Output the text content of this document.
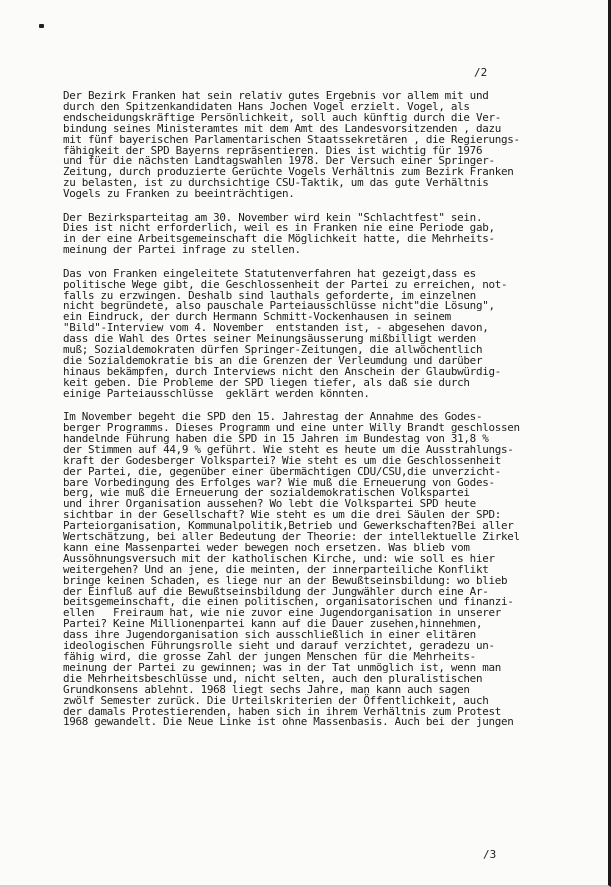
/2
Der Bezirk Franken hat sein relativ gutes Ergebnis vor allem mit und
durch den Spitzenkandidaten Hans Jochen Vogel erzielt. Vogel, als
endscheidungskräftige Persönlichkeit, soll auch künftig durch die Ver-
bindung seines Ministeramtes mit dem Amt des Landesvorsitzenden , dazu
mit fünf bayerischen Parlamentarischen Staatssekretären , die Regierungs-
fähigkeit der SPD Bayerns repräsentieren. Dies ist wichtig für 1976
und für die nächsten Landtagswahlen 1978. Der Versuch einer Springer-
Zeitung, durch produzierte Gerüchte Vogels Verhältnis zum Bezirk Franken
zu belasten, ist zu durchsichtige CSU-Taktik, um das gute Verhältnis
Vogels zu Franken zu beeinträchtigen.
Der Bezirksparteitag am 30. November wird kein "Schlachtfest" sein.
Dies ist nicht erforderlich, weil es in Franken nie eine Periode gab,
in der eine Arbeitsgemeinschaft die Möglichkeit hatte, die Mehrheits-
meinung der Partei infrage zu stellen.
Das von Franken eingeleitete Statutenverfahren hat gezeigt,dass es
politische Wege gibt, die Geschlossenheit der Partei zu erreichen, not-
falls zu erzwingen. Deshalb sind lauthals geforderte, im einzelnen
nicht begründete, also pauschale Parteiausschlüsse nicht"die Lösung",
ein Eindruck, der durch Hermann Schmitt-Vockenhausen in seinem
"Bild"-Interview vom 4. November  entstanden ist, - abgesehen davon,
dass die Wahl des Ortes seiner Meinungsäusserung mißbilligt werden
muß; Sozialdemokraten dürfen Springer-Zeitungen, die allwöchentlich
die Sozialdemokratie bis an die Grenzen der Verleumdung und darüber
hinaus bekämpfen, durch Interviews nicht den Anschein der Glaubwürdig-
keit geben. Die Probleme der SPD liegen tiefer, als daß sie durch
einige Parteiausschlüsse  geklärt werden könnten.
Im November begeht die SPD den 15. Jahrestag der Annahme des Godes-
berger Programms. Dieses Programm und eine unter Willy Brandt geschlossen
handelnde Führung haben die SPD in 15 Jahren im Bundestag von 31,8 %
der Stimmen auf 44,9 % geführt. Wie steht es heute um die Ausstrahlungs-
kraft der Godesberger Volkspartei? Wie steht es um die Geschlossenheit
der Partei, die, gegenüber einer übermächtigen CDU/CSU,die unverzicht-
bare Vorbedingung des Erfolges war? Wie muß die Erneuerung von Godes-
berg, wie muß die Erneuerung der sozialdemokratischen Volkspartei
und ihrer Organisation aussehen? Wo lebt die Volkspartei SPD heute
sichtbar in der Gesellschaft? Wie steht es um die drei Säulen der SPD:
Parteiorganisation, Kommunalpolitik,Betrieb und Gewerkschaften?Bei aller
Wertschätzung, bei aller Bedeutung der Theorie: der intellektuelle Zirkel
kann eine Massenpartei weder bewegen noch ersetzen. Was blieb vom
Aussöhnungsversuch mit der katholischen Kirche, und: wie soll es hier
weitergehen? Und an jene, die meinten, der innerparteiliche Konflikt
bringe keinen Schaden, es liege nur an der Bewußtseinsbildung: wo blieb
der Einfluß auf die Bewußtseinsbildung der Jungwähler durch eine Ar-
beitsgemeinschaft, die einen politischen, organisatorischen und finanzi-
ellen   Freiraum hat, wie nie zuvor eine Jugendorganisation in unserer
Partei? Keine Millionenpartei kann auf die Dauer zusehen,hinnehmen,
dass ihre Jugendorganisation sich ausschließlich in einer elitären
ideologischen Führungsrolle sieht und darauf verzichtet, geradezu un-
fähig wird, die grosse Zahl der jungen Menschen für die Mehrheits-
meinung der Partei zu gewinnen; was in der Tat unmöglich ist, wenn man
die Mehrheitsbeschlüsse und, nicht selten, auch den pluralistischen
Grundkonsens ablehnt. 1968 liegt sechs Jahre, man kann auch sagen
zwölf Semester zurück. Die Urteilskriterien der Öffentlichkeit, auch
der damals Protestierenden, haben sich in ihrem Verhältnis zum Protest
1968 gewandelt. Die Neue Linke ist ohne Massenbasis. Auch bei der jungen
/3
